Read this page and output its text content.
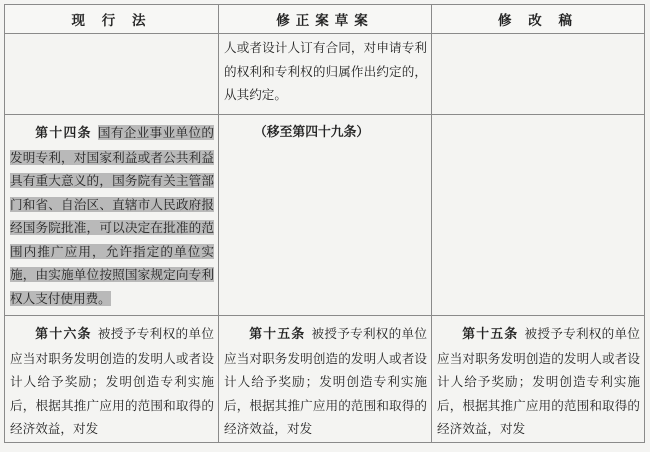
现 行 法	修正案草案	修 改 稿

	人或者设计人订有合同，对申请专利的权利和专利权的归属作出约定的，从其约定。	

第十四条 国有企业事业单位的发明专利，对国家利益或者公共利益具有重大意义的，国务院有关主管部门和省、自治区、直辖市人民政府报经国务院批准，可以决定在批准的范围内推广应用，允许指定的单位实施，由实施单位按照国家规定向专利权人支付使用费。	（移至第四十九条）	

第十六条 被授予专利权的单位应当对职务发明创造的发明人或者设计人给予奖励；发明创造专利实施后，根据其推广应用的范围和取得的经济效益，对发	第十五条 被授予专利权的单位应当对职务发明创造的发明人或者设计人给予奖励；发明创造专利实施后，根据其推广应用的范围和取得的经济效益，对发	第十五条 被授予专利权的单位应当对职务发明创造的发明人或者设计人给予奖励；发明创造专利实施后，根据其推广应用的范围和取得的经济效益，对发
